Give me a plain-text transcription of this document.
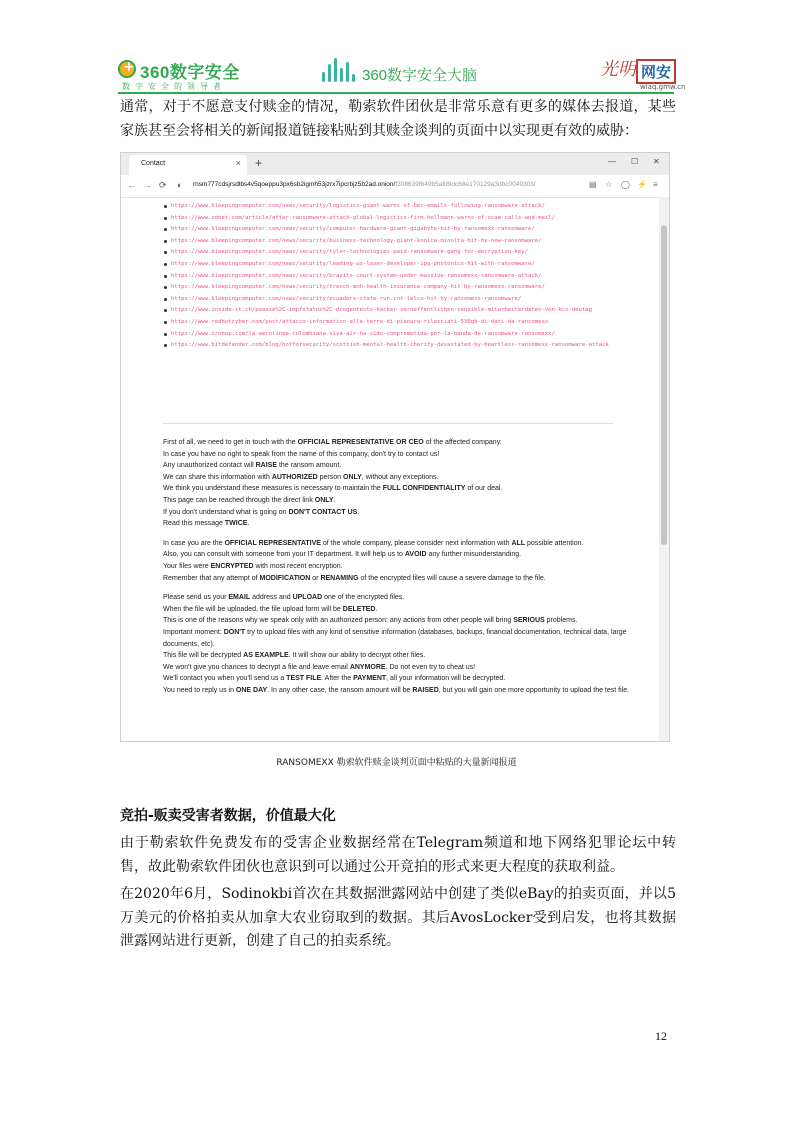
+
360数字安全
数字安全的领导者
360数字安全大脑	光明 网安
wlaq.gmw.cn

通常，对于不愿意支付赎金的情况，勒索软件团伙是非常乐意有更多的媒体去报道，某些家族甚至会将相关的新闻报道链接粘贴到其赎金谈判的页面中以实现更有效的威胁：

Contact	× +	— ☐ ✕
← → ⟳ ◐ rnsm777cdsjrsdlbs4v5qoeppu3px6sb2igmh53jzrx7ipcrbjz5b2ad.onion/f308639f649b5afd9dc68e170129a3dbc0049303/	▤ ☆ ◯ ⚡ ≡
https://www.bleepingcomputer.com/news/security/logistics-giant-warns-of-bec-emails-following-ransomware-attack/
https://www.zdnet.com/article/after-ransomware-attack-global-logistics-firm-hellmann-warns-of-scam-calls-and-mail/
https://www.bleepingcomputer.com/news/security/computer-hardware-giant-gigabyte-hit-by-ransomexx-ransomware/
https://www.bleepingcomputer.com/news/security/business-technology-giant-konica-minolta-hit-by-new-ransomware/
https://www.bleepingcomputer.com/news/security/tyler-technologies-paid-ransomware-gang-for-decryption-key/
https://www.bleepingcomputer.com/news/security/leading-us-laser-developer-ipg-photonics-hit-with-ransomware/
https://www.bleepingcomputer.com/news/security/brazils-court-system-under-massive-ransomexx-ransomware-attack/
https://www.bleepingcomputer.com/news/security/french-mnh-health-insurance-company-hit-by-ransomexx-ransomware/
https://www.bleepingcomputer.com/news/security/ecuadors-state-run-cnt-telco-hit-by-ransomexx-ransomware/
https://www.inside-it.ch/paasse%2C-impfstatus%2C-drogentests-hacker-veroeffentlichen-sensible-mitarbeiterdaten-von-kcs-deutag
https://www.redhotcyber.com/post/attacco-informatico-alle-terre-di-pianura-rilasciati-530gb-di-dati-da-ransomexx
https://www.cronup.com/la-aerolinea-colombiana-viva-air-ha-sido-comprometida-por-la-banda-de-ransomware-ransomexx/
https://www.bitdefender.com/blog/hotforsecurity/scottish-mental-health-charity-devastated-by-heartless-ransomexx-ransomware-attack

First of all, we need to get in touch with the OFFICIAL REPRESENTATIVE OR CEO of the affected company.

In case you have no right to speak from the name of this company, don't try to contact us!

Any unauthorized contact will RAISE the ransom amount.

We can share this information with AUTHORIZED person ONLY, without any exceptions.

We think you understand these measures is necessary to maintain the FULL CONFIDENTIALITY of our deal.

This page can be reached through the direct link ONLY.

If you don't understand what is going on DON'T CONTACT US.

Read this message TWICE.

In case you are the OFFICIAL REPRESENTATIVE of the whole company, please consider next information with ALL possible attention.

Also, you can consult with someone from your IT department. It will help us to AVOID any further misunderstanding.

Your files were ENCRYPTED with most recent encryption.

Remember that any attempt of MODIFICATION or RENAMING of the encrypted files will cause a severe damage to the file.

Please send us your EMAIL address and UPLOAD one of the encrypted files.

When the file will be uploaded, the file upload form will be DELETED.

This is one of the reasons why we speak only with an authorized person: any actions from other people will bring SERIOUS problems.

Important moment: DON'T try to upload files with any kind of sensitive information (databases, backups, financial documentation, technical data, large documents, etc).

This file will be decrypted AS EXAMPLE. It will show our ability to decrypt other files.

We won't give you chances to decrypt a file and leave email ANYMORE. Do not even try to cheat us!

We'll contact you when you'll send us a TEST FILE. After the PAYMENT, all your information will be decrypted.

You need to reply us in ONE DAY. In any other case, the ransom amount will be RAISED, but you will gain one more opportunity to upload the test file.

RANSOMEXX 勒索软件赎金谈判页面中粘贴的大量新闻报道
竞拍-贩卖受害者数据，价值最大化

由于勒索软件免费发布的受害企业数据经常在Telegram频道和地下网络犯罪论坛中转售，故此勒索软件团伙也意识到可以通过公开竞拍的形式来更大程度的获取利益。

在2020年6月，Sodinokbi首次在其数据泄露网站中创建了类似eBay的拍卖页面，并以5万美元的价格拍卖从加拿大农业窃取到的数据。其后AvosLocker受到启发，也将其数据泄露网站进行更新，创建了自己的拍卖系统。

12
